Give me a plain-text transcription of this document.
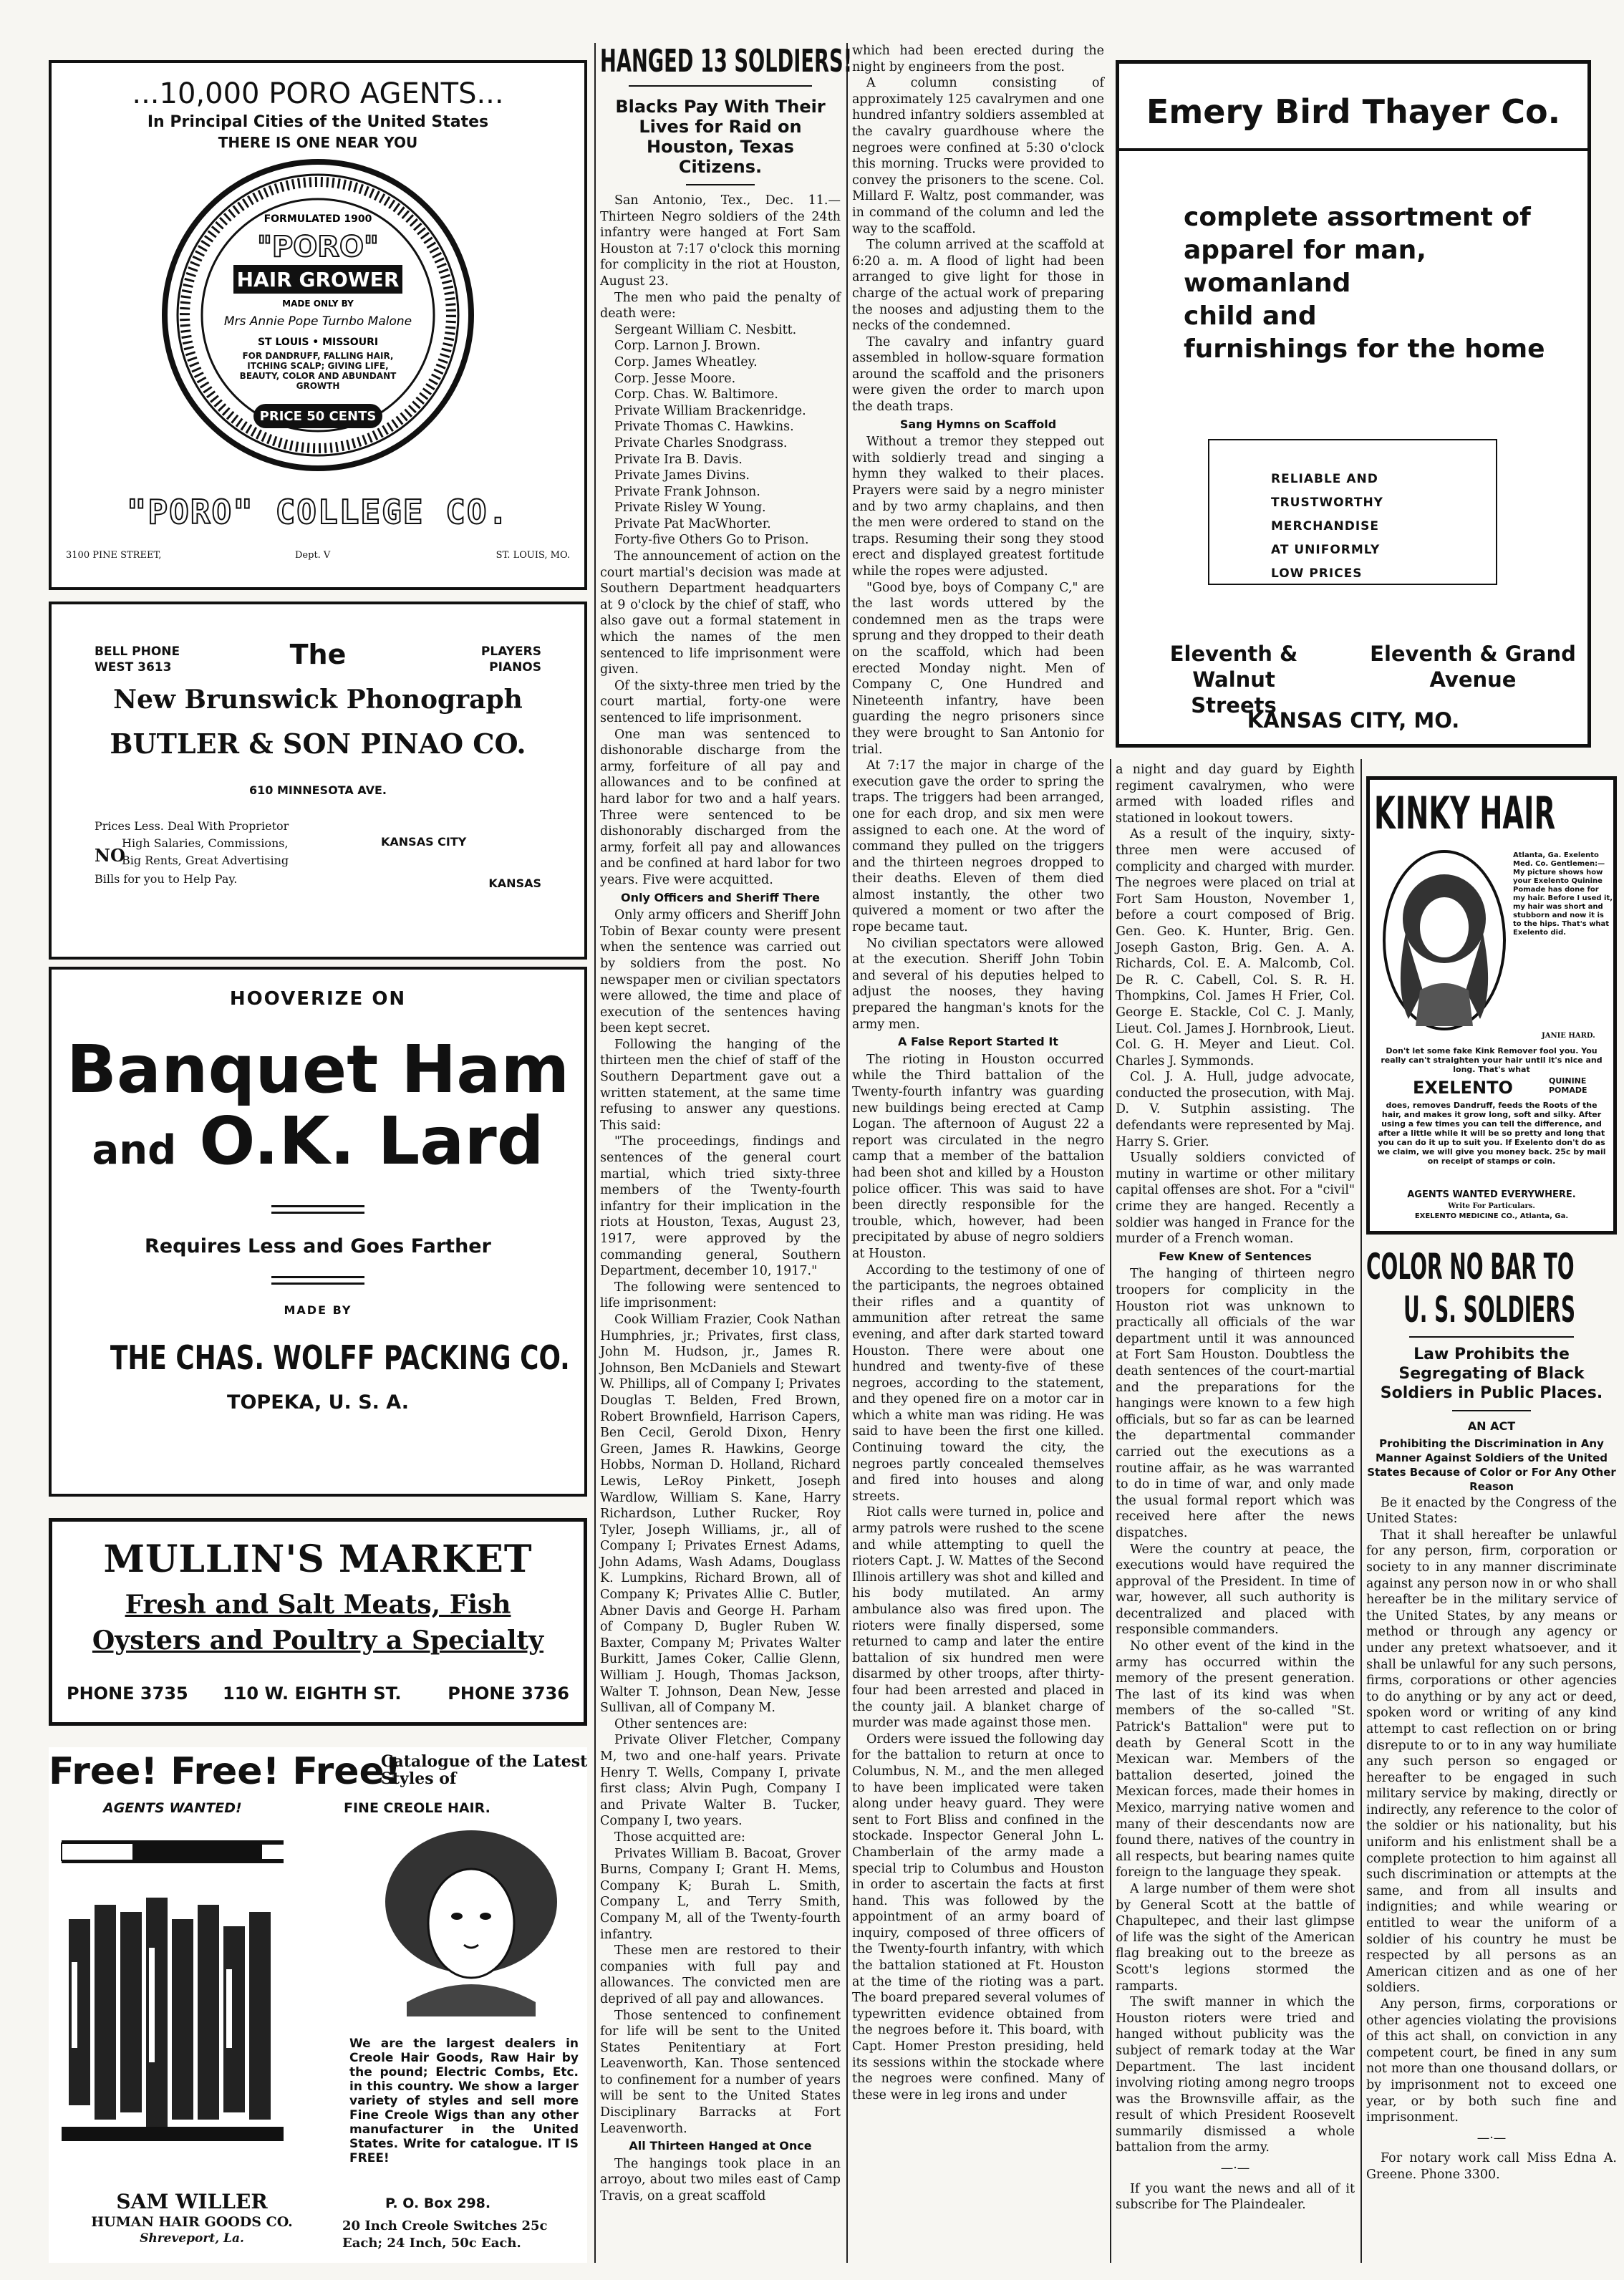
...10,000 PORO AGENTS...
In Principal Cities of the United States
THERE IS ONE NEAR YOU
FORMULATED 1900
"PORO"
HAIR GROWER
MADE ONLY BY
Mrs Annie Pope Turnbo Malone
ST LOUIS • MISSOURI
FOR DANDRUFF, FALLING HAIR, ITCHING SCALP; GIVING LIFE, BEAUTY, COLOR AND ABUNDANT GROWTH
PRICE 50 CENTS
"PORO" COLLEGE CO.
3100 PINE STREET,	Dept. V	ST. LOUIS, MO.
BELL PHONE
WEST 3613	The	PLAYERS
PIANOS
New Brunswick Phonograph
BUTLER & SON PINAO CO.
610 MINNESOTA AVE.
Prices Less. Deal With Proprietor
NO
High Salaries, Commissions,
Big Rents, Great Advertising
Bills for you to Help Pay.
KANSAS CITY
KANSAS
HOOVERIZE ON
Banquet Ham
and O.K. Lard
Requires Less and Goes Farther
MADE BY
THE CHAS. WOLFF PACKING CO.
TOPEKA, U. S. A.
MULLIN'S MARKET
Fresh and Salt Meats, Fish
Oysters and Poultry a Specialty
PHONE 3735 110 W. EIGHTH ST.	PHONE 3736
Free! Free! Free!
Catalogue of the Latest Styles of
AGENTS WANTED!	FINE CREOLE HAIR.
We are the largest dealers in Creole Hair Goods, Raw Hair by the pound; Electric Combs, Etc. in this country. We show a larger variety of styles and sell more Fine Creole Wigs than any other manufacturer in the United States. Write for catalogue. IT IS FREE!
SAM WILLER
HUMAN HAIR GOODS CO.
Shreveport, La.
P. O. Box 298.
20 Inch Creole Switches 25c
Each; 24 Inch, 50c Each.
HANGED 13 SOLDIERS!
Blacks Pay With Their Lives for Raid on Houston, Texas Citizens.

San Antonio, Tex., Dec. 11.—Thirteen Negro soldiers of the 24th infantry were hanged at Fort Sam Houston at 7:17 o'clock this morning for complicity in the riot at Houston, August 23.

The men who paid the penalty of death were:

Sergeant William C. Nesbitt.
Corp. Larnon J. Brown.
Corp. James Wheatley.
Corp. Jesse Moore.
Corp. Chas. W. Baltimore.
Private William Brackenridge.
Private Thomas C. Hawkins.
Private Charles Snodgrass.
Private Ira B. Davis.
Private James Divins.
Private Frank Johnson.
Private Risley W Young.
Private Pat MacWhorter.

Forty-five Others Go to Prison.

The announcement of action on the court martial's decision was made at Southern Department headquarters at 9 o'clock by the chief of staff, who also gave out a formal statement in which the names of the men sentenced to life imprisonment were given.

Of the sixty-three men tried by the court martial, forty-one were sentenced to life imprisonment.

One man was sentenced to dishonorable discharge from the army, forfeiture of all pay and allowances and to be confined at hard labor for two and a half years. Three were sentenced to be dishonorably discharged from the army, forfeit all pay and allowances and be confined at hard labor for two years. Five were acquitted.

Only Officers and Sheriff There

Only army officers and Sheriff John Tobin of Bexar county were present when the sentence was carried out by soldiers from the post. No newspaper men or civilian spectators were allowed, the time and place of execution of the sentences having been kept secret.

Following the hanging of the thirteen men the chief of staff of the Southern Department gave out a written statement, at the same time refusing to answer any questions. This said:

"The proceedings, findings and sentences of the general court martial, which tried sixty-three members of the Twenty-fourth infantry for their implication in the riots at Houston, Texas, August 23, 1917, were approved by the commanding general, Southern Department, december 10, 1917."

The following were sentenced to life imprisonment:

Cook William Frazier, Cook Nathan Humphries, jr.; Privates, first class, John M. Hudson, jr., James R. Johnson, Ben McDaniels and Stewart W. Phillips, all of Company I; Privates Douglas T. Belden, Fred Brown, Robert Brownfield, Harrison Capers, Ben Cecil, Gerold Dixon, Henry Green, James R. Hawkins, George Hobbs, Norman D. Holland, Richard Lewis, LeRoy Pinkett, Joseph Wardlow, William S. Kane, Harry Richardson, Luther Rucker, Roy Tyler, Joseph Williams, jr., all of Company I; Privates Ernest Adams, John Adams, Wash Adams, Douglass K. Lumpkins, Richard Brown, all of Company K; Privates Allie C. Butler, Abner Davis and George H. Parham of Company D, Bugler Ruben W. Baxter, Company M; Privates Walter Burkitt, James Coker, Callie Glenn, William J. Hough, Thomas Jackson, Walter T. Johnson, Dean New, Jesse Sullivan, all of Company M.

Other sentences are:

Private Oliver Fletcher, Company M, two and one-half years. Private Henry T. Wells, Company I, private first class; Alvin Pugh, Company I and Private Walter B. Tucker, Company I, two years.

Those acquitted are:

Privates William B. Bacoat, Grover Burns, Company I; Grant H. Mems, Company K; Burah L. Smith, Company L, and Terry Smith, Company M, all of the Twenty-fourth infantry.

These men are restored to their companies with full pay and allowances. The convicted men are deprived of all pay and allowances.

Those sentenced to confinement for life will be sent to the United States Penitentiary at Fort Leavenworth, Kan. Those sentenced to confinement for a number of years will be sent to the United States Disciplinary Barracks at Fort Leavenworth.

All Thirteen Hanged at Once

The hangings took place in an arroyo, about two miles east of Camp Travis, on a great scaffold

which had been erected during the night by engineers from the post.

A column consisting of approximately 125 cavalrymen and one hundred infantry soldiers assembled at the cavalry guardhouse where the negroes were confined at 5:30 o'clock this morning. Trucks were provided to convey the prisoners to the scene. Col. Millard F. Waltz, post commander, was in command of the column and led the way to the scaffold.

The column arrived at the scaffold at 6:20 a. m. A flood of light had been arranged to give light for those in charge of the actual work of preparing the nooses and adjusting them to the necks of the condemned.

The cavalry and infantry guard assembled in hollow-square formation around the scaffold and the prisoners were given the order to march upon the death traps.

Sang Hymns on Scaffold

Without a tremor they stepped out with soldierly tread and singing a hymn they walked to their places. Prayers were said by a negro minister and by two army chaplains, and then the men were ordered to stand on the traps. Resuming their song they stood erect and displayed greatest fortitude while the ropes were adjusted.

"Good bye, boys of Company C," are the last words uttered by the condemned men as the traps were sprung and they dropped to their death on the scaffold, which had been erected Monday night. Men of Company C, One Hundred and Nineteenth infantry, have been guarding the negro prisoners since they were brought to San Antonio for trial.

At 7:17 the major in charge of the execution gave the order to spring the traps. The triggers had been arranged, one for each drop, and six men were assigned to each one. At the word of command they pulled on the triggers and the thirteen negroes dropped to their deaths. Eleven of them died almost instantly, the other two quivered a moment or two after the rope became taut.

No civilian spectators were allowed at the execution. Sheriff John Tobin and several of his deputies helped to adjust the nooses, they having prepared the hangman's knots for the army men.

A False Report Started It

The rioting in Houston occurred while the Third battalion of the Twenty-fourth infantry was guarding new buildings being erected at Camp Logan. The afternoon of August 22 a report was circulated in the negro camp that a member of the battalion had been shot and killed by a Houston police officer. This was said to have been directly responsible for the trouble, which, however, had been precipitated by abuse of negro soldiers at Houston.

According to the testimony of one of the participants, the negroes obtained their rifles and a quantity of ammunition after retreat the same evening, and after dark started toward Houston. There were about one hundred and twenty-five of these negroes, according to the statement, and they opened fire on a motor car in which a white man was riding. He was said to have been the first one killed. Continuing toward the city, the negroes partly concealed themselves and fired into houses and along streets.

Riot calls were turned in, police and army patrols were rushed to the scene and while attempting to quell the rioters Capt. J. W. Mattes of the Second Illinois artillery was shot and killed and his body mutilated. An army ambulance also was fired upon. The rioters were finally dispersed, some returned to camp and later the entire battalion of six hundred men were disarmed by other troops, after thirty-four had been arrested and placed in the county jail. A blanket charge of murder was made against those men.

Orders were issued the following day for the battalion to return at once to Columbus, N. M., and the men alleged to have been implicated were taken along under heavy guard. They were sent to Fort Bliss and confined in the stockade. Inspector General John L. Chamberlain of the army made a special trip to Columbus and Houston in order to ascertain the facts at first hand. This was followed by the appointment of an army board of inquiry, composed of three officers of the Twenty-fourth infantry, with which the battalion stationed at Ft. Houston at the time of the rioting was a part. The board prepared several volumes of typewritten evidence obtained from the negroes before it. This board, with Capt. Homer Preston presiding, held its sessions within the stockade where the negroes were confined. Many of these were in leg irons and under

Emery Bird Thayer Co.
complete assortment of
apparel for man, womanland
child and
furnishings for the home
RELIABLE AND
TRUSTWORTHY MERCHANDISE
AT UNIFORMLY
LOW PRICES
Eleventh & Walnut
Streets
Eleventh & Grand
Avenue
KANSAS CITY, MO.

a night and day guard by Eighth regiment cavalrymen, who were armed with loaded rifles and stationed in lookout towers.

As a result of the inquiry, sixty-three men were accused of complicity and charged with murder. The negroes were placed on trial at Fort Sam Houston, November 1, before a court composed of Brig. Gen. Geo. K. Hunter, Brig. Gen. Joseph Gaston, Brig. Gen. A. A. Richards, Col. E. A. Malcomb, Col. De R. C. Cabell, Col. S. R. H. Thompkins, Col. James H Frier, Col. George E. Stackle, Col C. J. Manly, Lieut. Col. James J. Hornbrook, Lieut. Col. G. H. Meyer and Lieut. Col. Charles J. Symmonds.

Col. J. A. Hull, judge advocate, conducted the prosecution, with Maj. D. V. Sutphin assisting. The defendants were represented by Maj. Harry S. Grier.

Usually soldiers convicted of mutiny in wartime or other military capital offenses are shot. For a "civil" crime they are hanged. Recently a soldier was hanged in France for the murder of a French woman.

Few Knew of Sentences

The hanging of thirteen negro troopers for complicity in the Houston riot was unknown to practically all officials of the war department until it was announced at Fort Sam Houston. Doubtless the death sentences of the court-martial and the preparations for the hangings were known to a few high officials, but so far as can be learned the departmental commander carried out the executions as a routine affair, as he was warranted to do in time of war, and only made the usual formal report which was received here after the news dispatches.

Were the country at peace, the executions would have required the approval of the President. In time of war, however, all such authority is decentralized and placed with responsible commanders.

No other event of the kind in the army has occurred within the memory of the present generation. The last of its kind was when members of the so-called "St. Patrick's Battalion" were put to death by General Scott in the Mexican war. Members of the battalion deserted, joined the Mexican forces, made their homes in Mexico, marrying native women and many of their descendants now are found there, natives of the country in all respects, but bearing names quite foreign to the language they speak.

A large number of them were shot by General Scott at the battle of Chapultepec, and their last glimpse of life was the sight of the American flag breaking out to the breeze as Scott's legions stormed the ramparts.

The swift manner in which the Houston rioters were tried and hanged without publicity was the subject of remark today at the War Department. The last incident involving rioting among negro troops was the Brownsville affair, as the result of which President Roosevelt summarily dismissed a whole battalion from the army.

—·—

If you want the news and all of it subscribe for The Plaindealer.

KINKY HAIR
Atlanta, Ga. Exelento Med. Co. Gentlemen:— My picture shows how your Exelento Quinine Pomade has done for my hair. Before I used it, my hair was short and stubborn and now it is to the hips. That's what Exelento did.
JANIE HARD.
Don't let some fake Kink Remover fool you. You really can't straighten your hair until it's nice and long. That's what
EXELENTO	QUININE
POMADE
does, removes Dandruff, feeds the Roots of the hair, and makes it grow long, soft and silky. After using a few times you can tell the difference, and after a little while it will be so pretty and long that you can do it up to suit you. If Exelento don't do as we claim, we will give you money back. 25c by mail on receipt of stamps or coin.
AGENTS WANTED EVERYWHERE.
Write For Particulars.
EXELENTO MEDICINE CO., Atlanta, Ga.
COLOR NO BAR TO
U. S. SOLDIERS
Law Prohibits the Segregating of Black Soldiers in Public Places.

AN ACT

Prohibiting the Discrimination in Any Manner Against Soldiers of the United States Because of Color or For Any Other Reason

Be it enacted by the Congress of the United States:

That it shall hereafter be unlawful for any person, firm, corporation or society to in any manner discriminate against any person now in or who shall hereafter be in the military service of the United States, by any means or method or through any agency or under any pretext whatsoever, and it shall be unlawful for any such persons, firms, corporations or other agencies to do anything or by any act or deed, spoken word or writing of any kind attempt to cast reflection on or bring disrepute to or to in any way humiliate any such person so engaged or hereafter to be engaged in such military service by making, directly or indirectly, any reference to the color of the soldier or his nationality, but his uniform and his enlistment shall be a complete protection to him against all such discrimination or attempts at the same, and from all insults and indignities; and while wearing or entitled to wear the uniform of a soldier of his country he must be respected by all persons as an American citizen and as one of her soldiers.

Any person, firms, corporations or other agencies violating the provisions of this act shall, on conviction in any competent court, be fined in any sum not more than one thousand dollars, or by imprisonment not to exceed one year, or by both such fine and imprisonment.

—·—

For notary work call Miss Edna A. Greene. Phone 3300.
